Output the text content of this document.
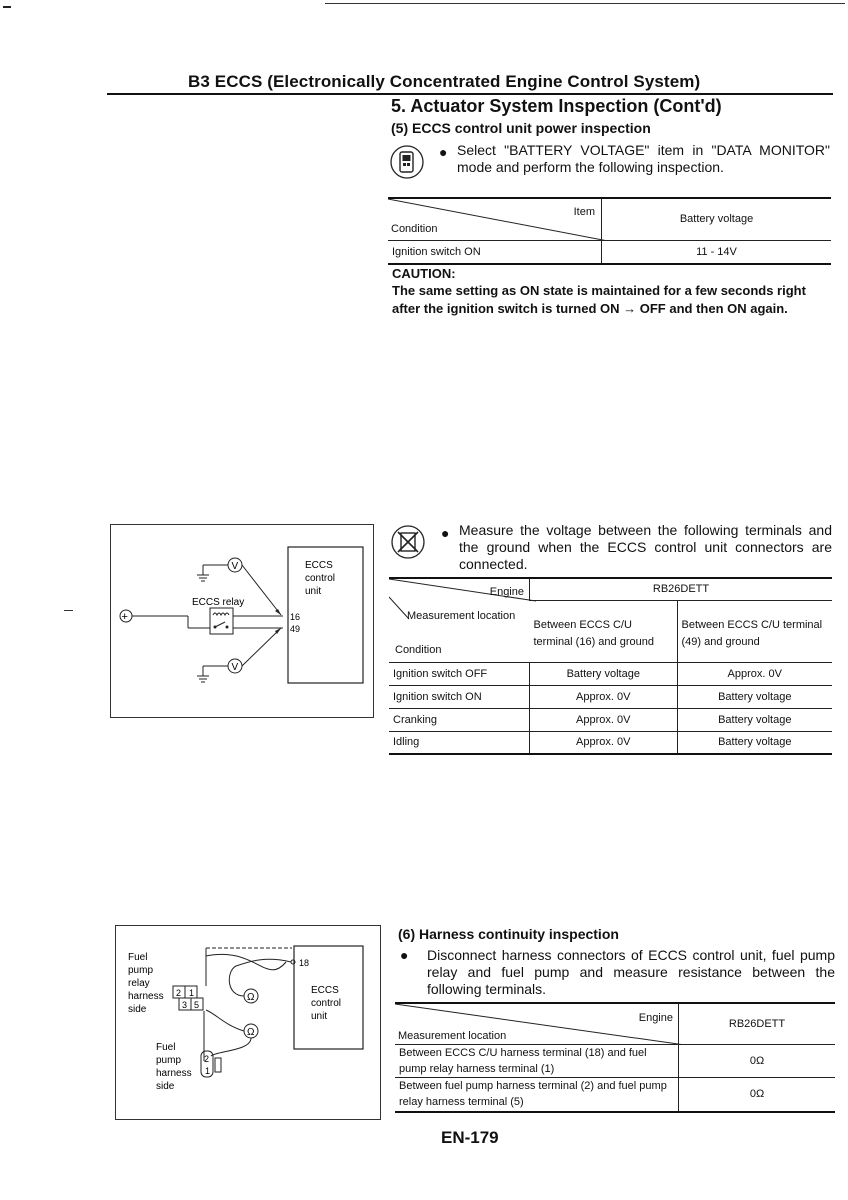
B3 ECCS (Electronically Concentrated Engine Control System)
5. Actuator System Inspection (Cont'd)
(5) ECCS control unit power inspection
● Select "BATTERY VOLTAGE" item in "DATA MONITOR" mode and perform the following inspection.
Item
Condition	Battery voltage
Ignition switch ON	11 - 14V
CAUTION:
The same setting as ON state is maintained for a few seconds right after the ignition switch is turned ON → OFF and then ON again.
ECCS
control
unit
ECCS relay
+	16
49
V
V
● Measure the voltage between the following terminals and the ground when the ECCS control unit connectors are connected.
Engine
Measurement location
Condition	RB26DETT	
	Between ECCS C/U terminal (16) and ground	Between ECCS C/U terminal (49) and ground
Ignition switch OFF	Battery voltage	Approx. 0V
Ignition switch ON	Approx. 0V	Battery voltage
Cranking	Approx. 0V	Battery voltage
Idling	Approx. 0V	Battery voltage
Fuel
pump
relay
harness
side
2 1
3 5
ECCS
control
unit
18
Ω
Ω
Fuel
pump
harness
side
2
1
(6) Harness continuity inspection
● Disconnect harness connectors of ECCS control unit, fuel pump relay and fuel pump and measure resistance between the following terminals.
Engine
Measurement location	RB26DETT
Between ECCS C/U harness terminal (18) and fuel pump relay harness terminal (1)	0Ω
Between fuel pump harness terminal (2) and fuel pump relay harness terminal (5)	0Ω
EN-179
